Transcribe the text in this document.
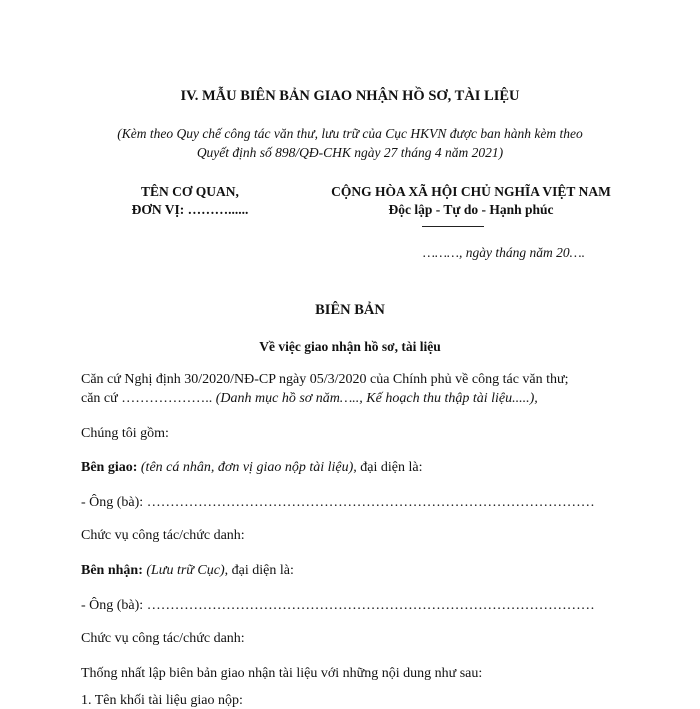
IV. MẪU BIÊN BẢN GIAO NHẬN HỒ SƠ, TÀI LIỆU
(Kèm theo Quy chế công tác văn thư, lưu trữ của Cục HKVN được ban hành kèm theo
Quyết định số 898/QĐ-CHK ngày 27 tháng 4 năm 2021)
TÊN CƠ QUAN,
ĐƠN VỊ: ………......
CỘNG HÒA XÃ HỘI CHỦ NGHĨA VIỆT NAM
Độc lập - Tự do - Hạnh phúc
………, ngày tháng năm 20….
BIÊN BẢN
Về việc giao nhận hồ sơ, tài liệu
Căn cứ Nghị định 30/2020/NĐ-CP ngày 05/3/2020 của Chính phủ về công tác văn thư;
căn cứ ……………….. (Danh mục hồ sơ năm….., Kế hoạch thu thập tài liệu.....),
Chúng tôi gồm:
Bên giao: (tên cá nhân, đơn vị giao nộp tài liệu), đại diện là:
- Ông (bà): ……………………………………………………………………………………
Chức vụ công tác/chức danh:
Bên nhận: (Lưu trữ Cục), đại diện là:
- Ông (bà): ……………………………………………………………………………………
Chức vụ công tác/chức danh:
Thống nhất lập biên bản giao nhận tài liệu với những nội dung như sau:
1. Tên khối tài liệu giao nộp:
